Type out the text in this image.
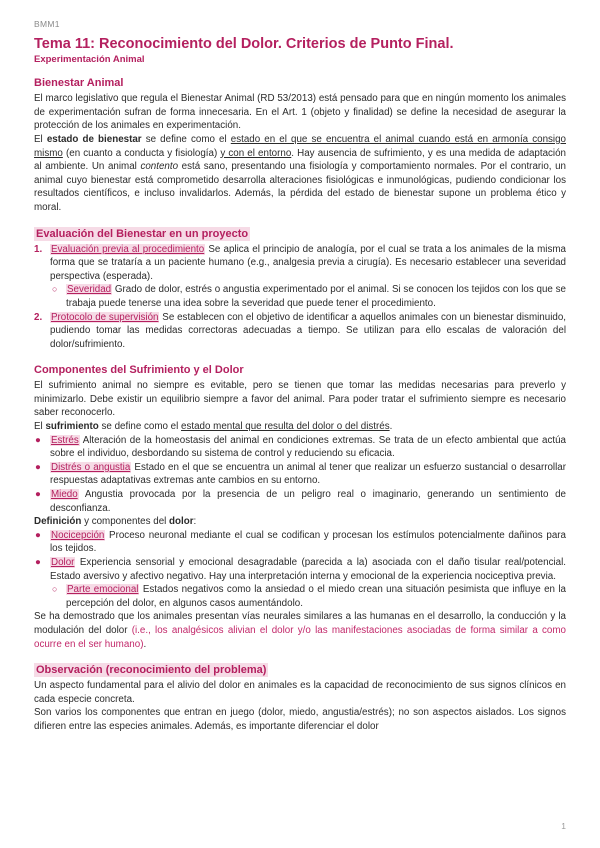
BMM1
Tema 11: Reconocimiento del Dolor. Criterios de Punto Final.
Experimentación Animal
Bienestar Animal

El marco legislativo que regula el Bienestar Animal (RD 53/2013) está pensado para que en ningún momento los animales de experimentación sufran de forma innecesaria. En el Art. 1 (objeto y finalidad) se define la necesidad de asegurar la protección de los animales en experimentación.

El estado de bienestar se define como el estado en el que se encuentra el animal cuando está en armonía consigo mismo (en cuanto a conducta y fisiología) y con el entorno. Hay ausencia de sufrimiento, y es una medida de adaptación al ambiente. Un animal contento está sano, presentando una fisiología y comportamiento normales. Por el contrario, un animal cuyo bienestar está comprometido desarrolla alteraciones fisiológicas e inmunológicas, pudiendo condicionar los resultados científicos, e incluso invalidarlos. Además, la pérdida del estado de bienestar supone un problema ético y moral.

Evaluación del Bienestar en un proyecto
1. Evaluación previa al procedimiento Se aplica el principio de analogía, por el cual se trata a los animales de la misma forma que se trataría a un paciente humano (e.g., analgesia previa a cirugía). Es necesario establecer una severidad perspectiva (esperada).
○ Severidad Grado de dolor, estrés o angustia experimentado por el animal. Si se conocen los tejidos con los que se trabaja puede tenerse una idea sobre la severidad que puede tener el procedimiento.
2. Protocolo de supervisión Se establecen con el objetivo de identificar a aquellos animales con un bienestar disminuido, pudiendo tomar las medidas correctoras adecuadas a tiempo. Se utilizan para ello escalas de valoración del dolor/sufrimiento.
Componentes del Sufrimiento y el Dolor

El sufrimiento animal no siempre es evitable, pero se tienen que tomar las medidas necesarias para preverlo y minimizarlo. Debe existir un equilibrio siempre a favor del animal. Para poder tratar el sufrimiento siempre es necesario saber reconocerlo.

El sufrimiento se define como el estado mental que resulta del dolor o del distrés.

● Estrés Alteración de la homeostasis del animal en condiciones extremas. Se trata de un efecto ambiental que actúa sobre el individuo, desbordando su sistema de control y reduciendo su eficacia.
● Distrés o angustia Estado en el que se encuentra un animal al tener que realizar un esfuerzo sustancial o desarrollar respuestas adaptativas extremas ante cambios en su entorno.
● Miedo Angustia provocada por la presencia de un peligro real o imaginario, generando un sentimiento de desconfianza.

Definición y componentes del dolor:

● Nocicepción Proceso neuronal mediante el cual se codifican y procesan los estímulos potencialmente dañinos para los tejidos.
● Dolor Experiencia sensorial y emocional desagradable (parecida a la) asociada con el daño tisular real/potencial. Estado aversivo y afectivo negativo. Hay una interpretación interna y emocional de la experiencia nociceptiva previa.
○ Parte emocional Estados negativos como la ansiedad o el miedo crean una situación pesimista que influye en la percepción del dolor, en algunos casos aumentándolo.

Se ha demostrado que los animales presentan vías neurales similares a las humanas en el desarrollo, la conducción y la modulación del dolor (i.e., los analgésicos alivian el dolor y/o las manifestaciones asociadas de forma similar a como ocurre en el ser humano).

Observación (reconocimiento del problema)

Un aspecto fundamental para el alivio del dolor en animales es la capacidad de reconocimiento de sus signos clínicos en cada especie concreta.

Son varios los componentes que entran en juego (dolor, miedo, angustia/estrés); no son aspectos aislados. Los signos difieren entre las especies animales. Además, es importante diferenciar el dolor

1
